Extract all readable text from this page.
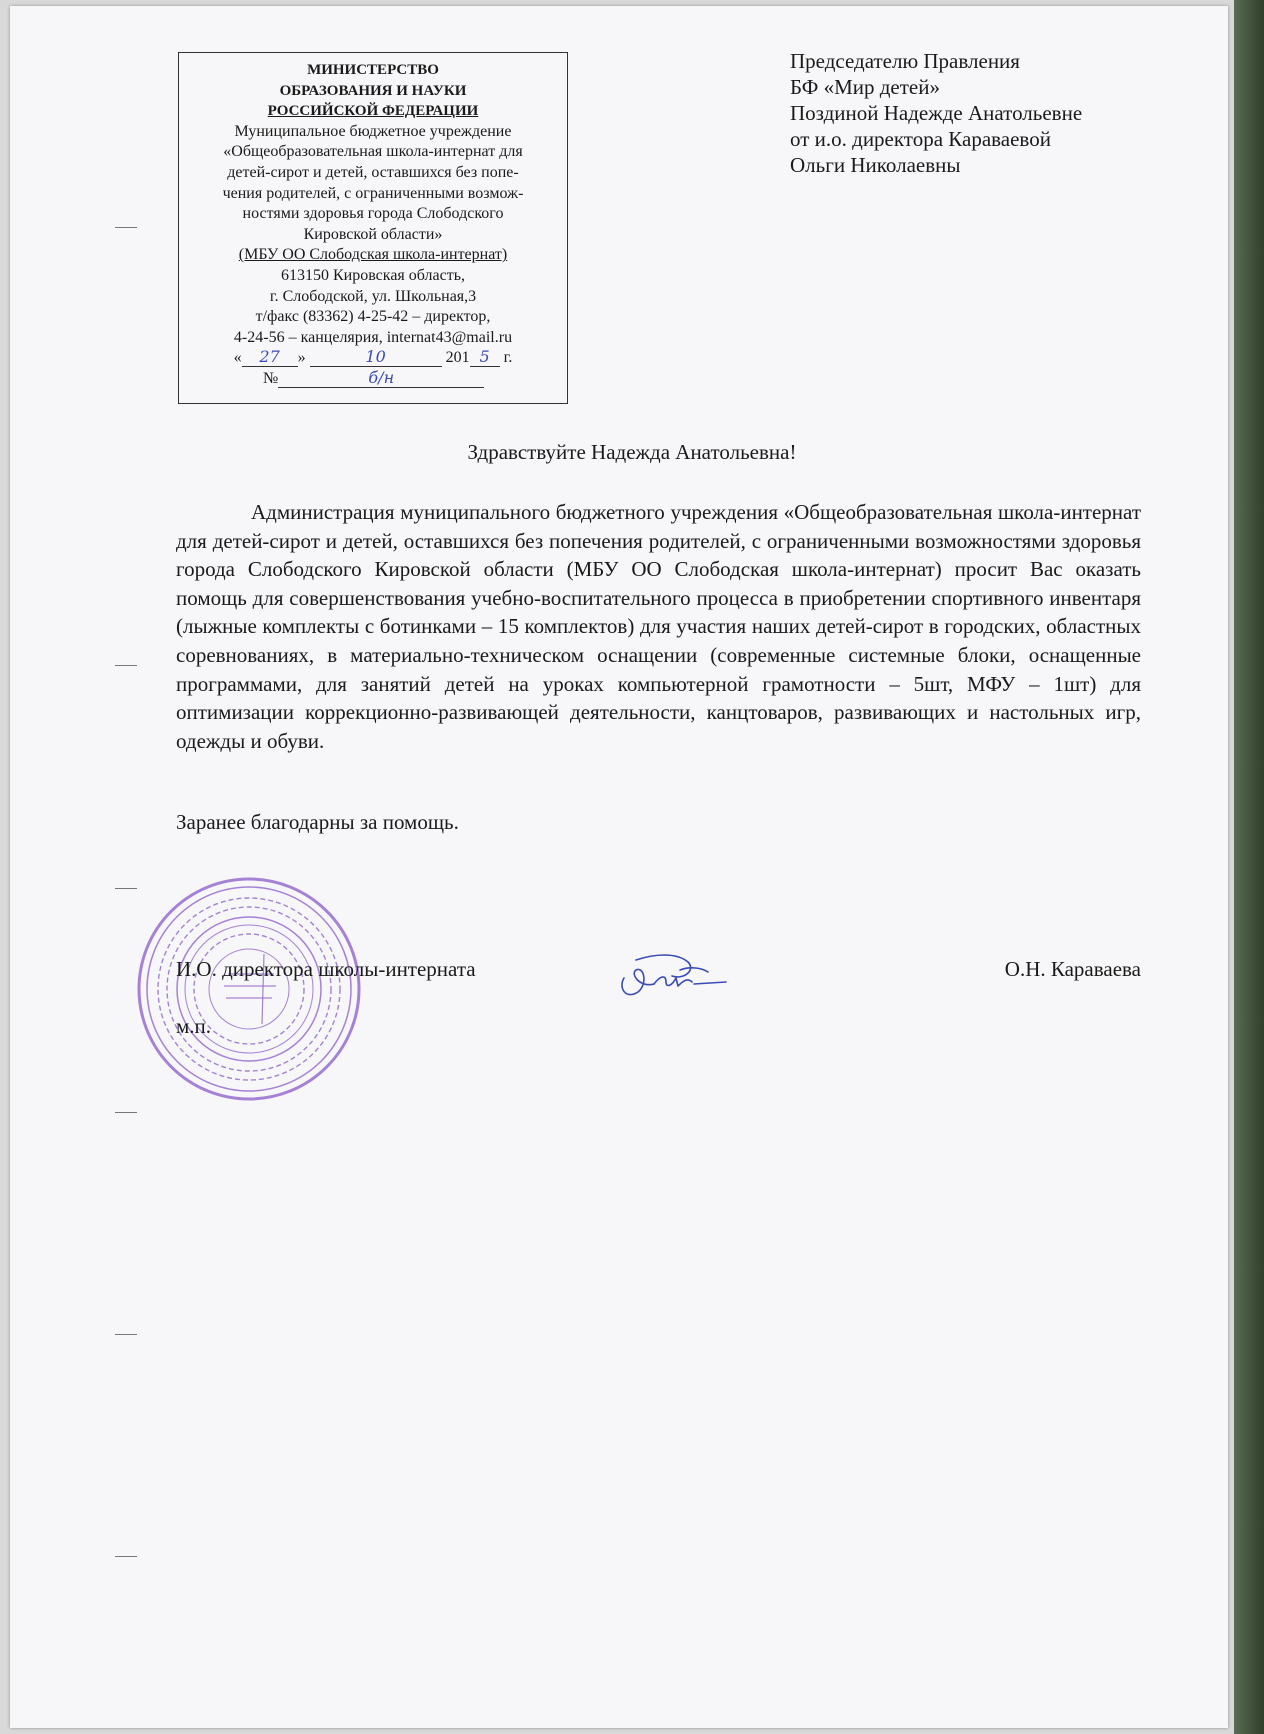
МИНИСТЕРСТВО
ОБРАЗОВАНИЯ И НАУКИ
РОССИЙСКОЙ ФЕДЕРАЦИИ
Муниципальное бюджетное учреждение
«Общеобразовательная школа-интернат для
детей-сирот и детей, оставшихся без попе-
чения родителей, с ограниченными возмож-
ностями здоровья города Слободского
Кировской области»
(МБУ ОО Слободская школа-интернат)
613150 Кировская область,
г. Слободской, ул. Школьная,3
т/факс (83362) 4-25-42 – директор,
4-24-56 – канцелярия, internat43@mail.ru
« 27 »	10	201 5 г.
№	б/н
Председателю Правления
БФ «Мир детей»
Поздиной Надежде Анатольевне
от и.о. директора Караваевой
Ольги Николаевны
Здравствуйте Надежда Анатольевна!

Администрация муниципального бюджетного учреждения «Общеобразовательная школа-интернат для детей-сирот и детей, оставшихся без попечения родителей, с ограниченными возможностями здоровья города Слободского Кировской области (МБУ ОО Слободская школа-интернат) просит Вас оказать помощь для совершенствования учебно-воспитательного процесса в приобретении спортивного инвентаря (лыжные комплекты с ботинками – 15 комплектов) для участия наших детей-сирот в городских, областных соревнованиях, в материально-техническом оснащении (современные системные блоки, оснащенные программами, для занятий детей на уроках компьютерной грамотности – 5шт, МФУ – 1шт) для оптимизации коррекционно-развивающей деятельности, канцтоваров, развивающих и настольных игр, одежды и обуви.

Заранее благодарны за помощь.
И.О. директора школы-интерната
м.п.
О.Н. Караваева
